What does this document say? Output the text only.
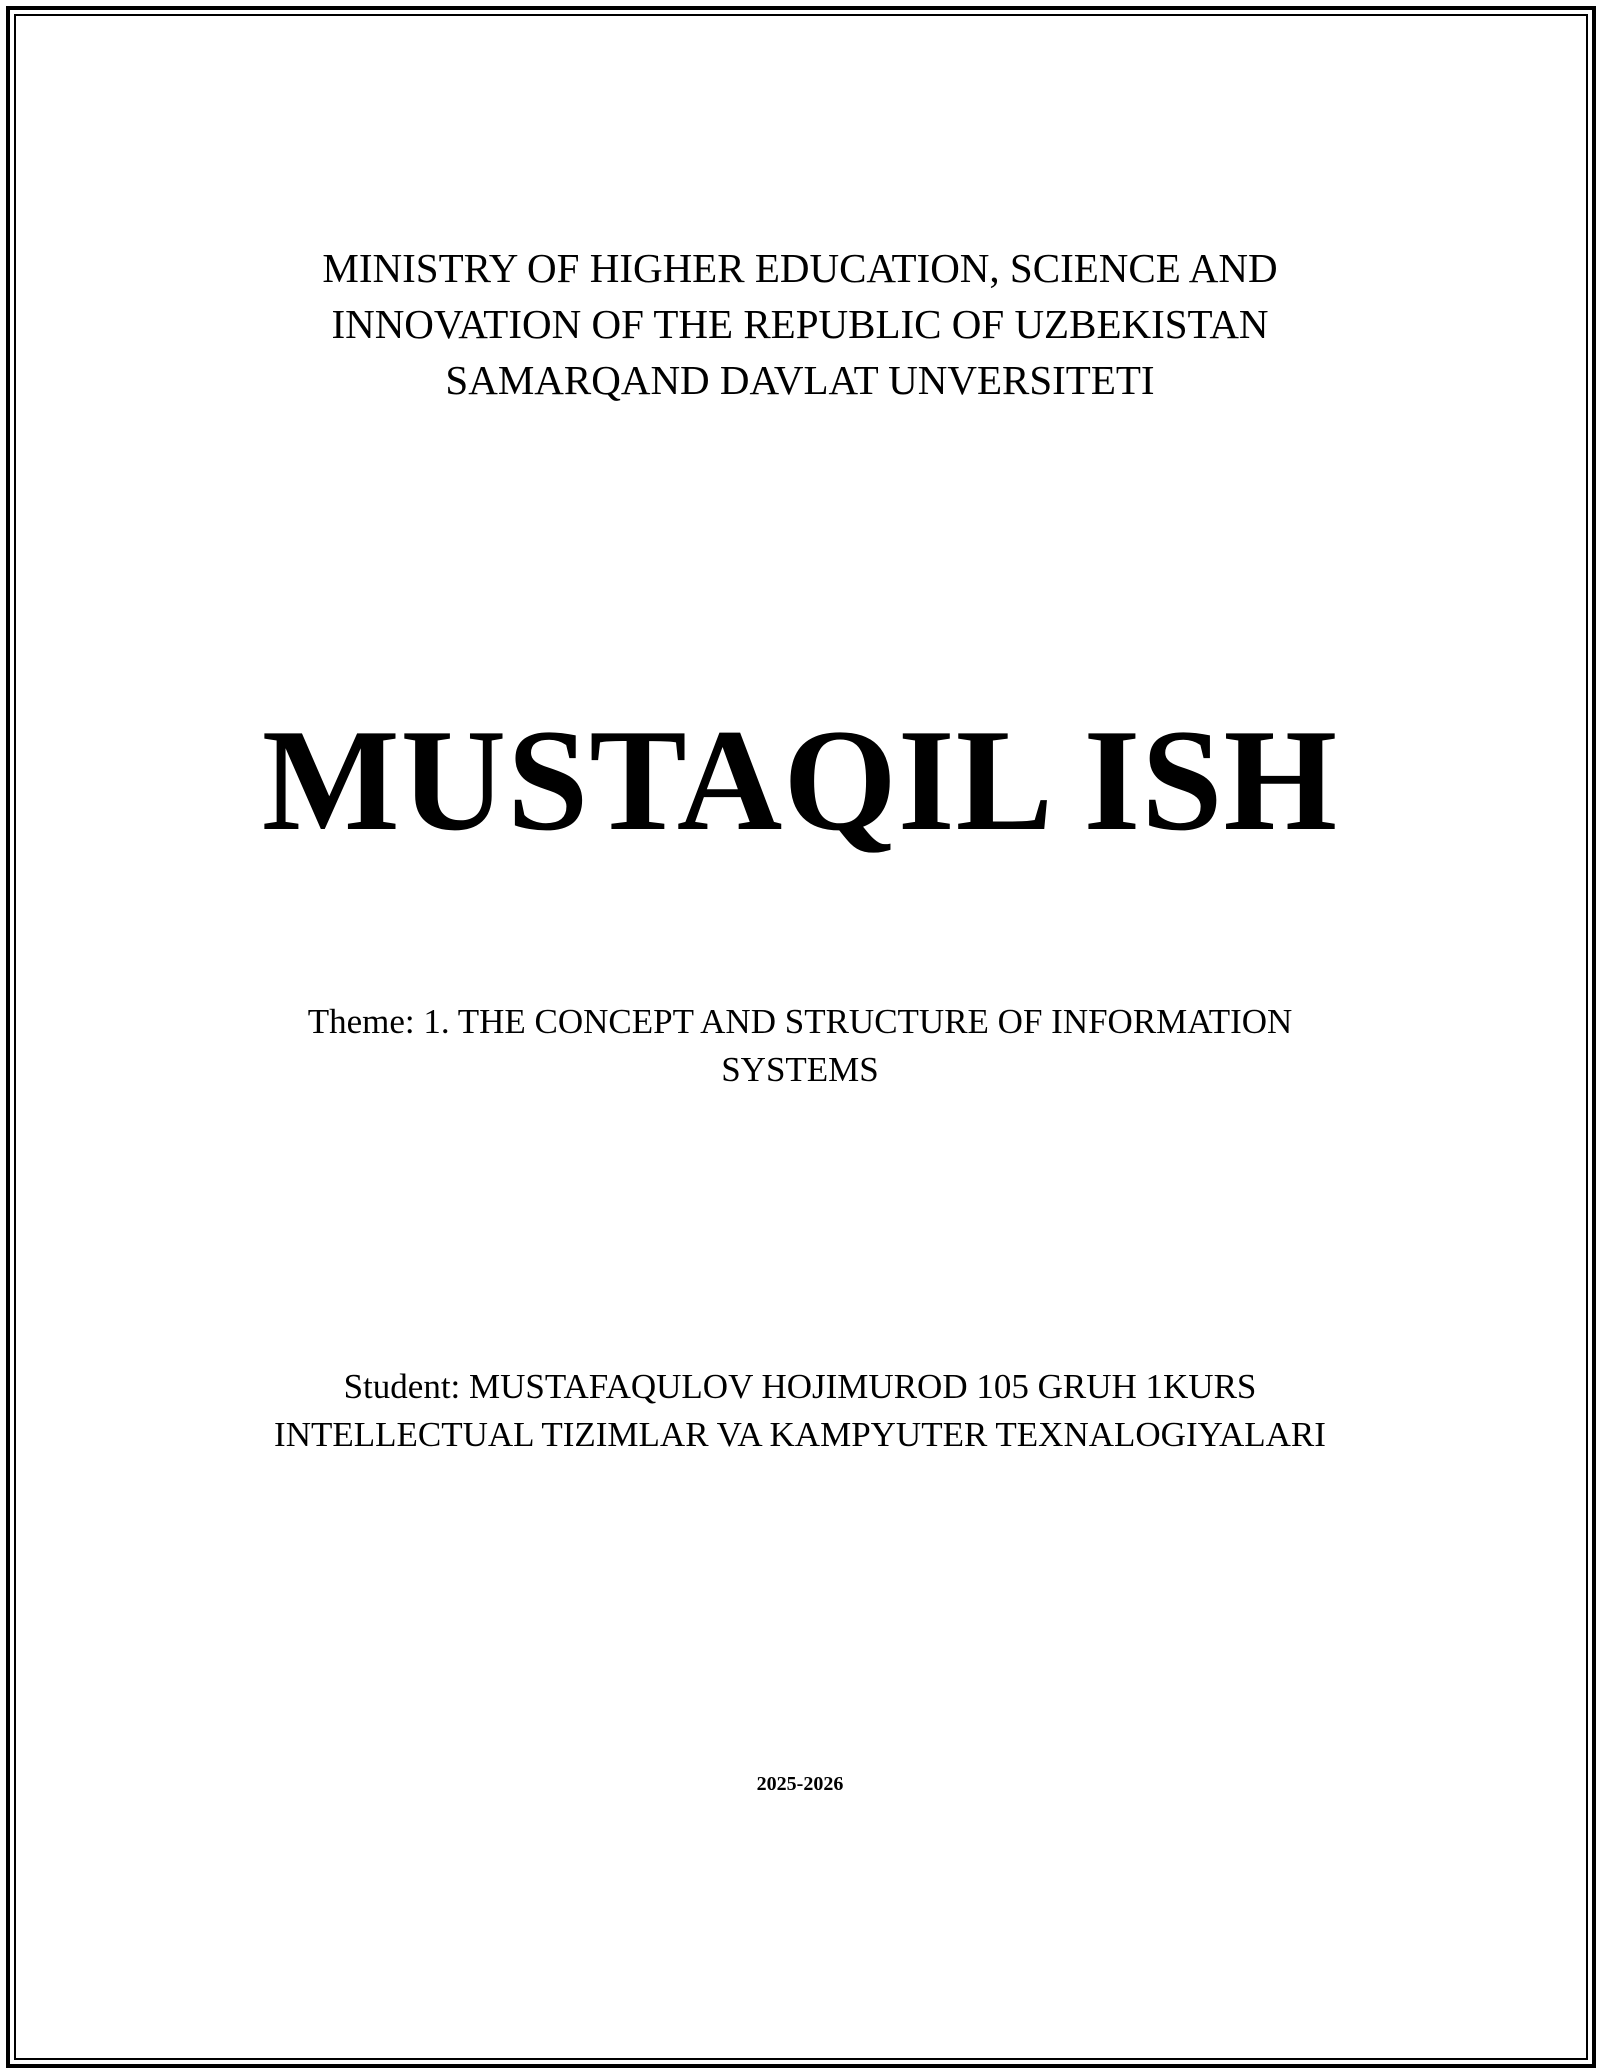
MINISTRY OF HIGHER EDUCATION, SCIENCE AND
INNOVATION OF THE REPUBLIC OF UZBEKISTAN
SAMARQAND DAVLAT UNVERSITETI
MUSTAQIL ISH
Theme: 1. THE CONCEPT AND STRUCTURE OF INFORMATION
SYSTEMS
Student: MUSTAFAQULOV HOJIMUROD 105 GRUH 1KURS
INTELLECTUAL TIZIMLAR VA KAMPYUTER TEXNALOGIYALARI
2025-2026
